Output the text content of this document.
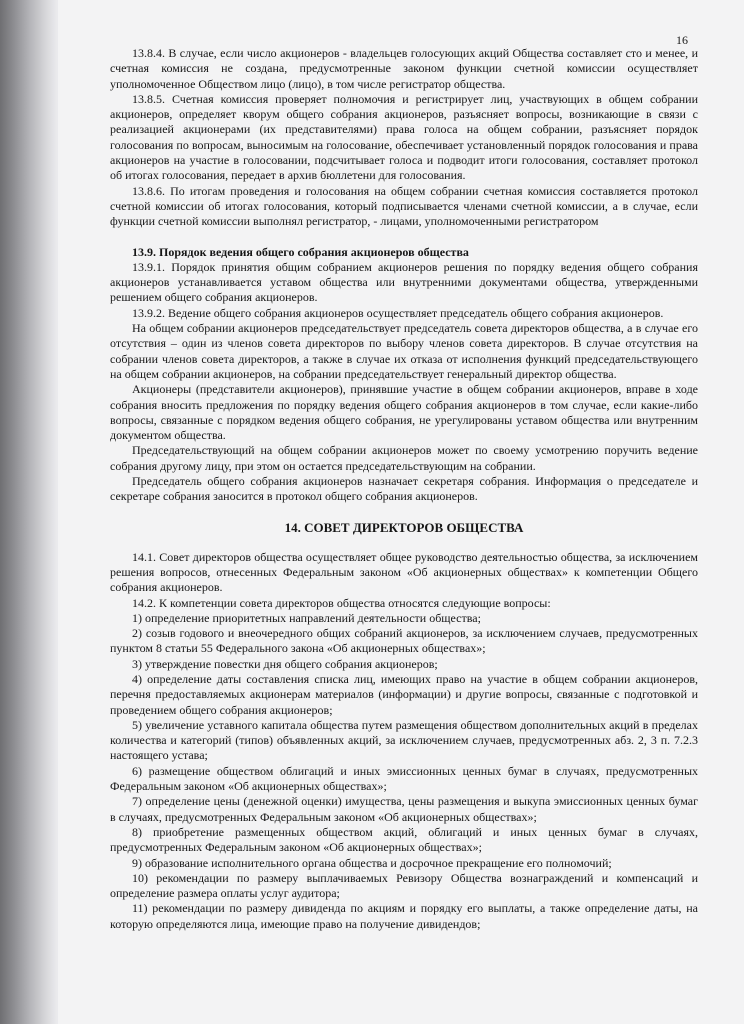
16

13.8.4. В случае, если число акционеров - владельцев голосующих акций Общества составляет сто и менее, и счетная комиссия не создана, предусмотренные законом функции счетной комиссии осуществляет уполномоченное Обществом лицо (лицо), в том числе регистратор общества.

13.8.5. Счетная комиссия проверяет полномочия и регистрирует лиц, участвующих в общем собрании акционеров, определяет кворум общего собрания акционеров, разъясняет вопросы, возникающие в связи с реализацией акционерами (их представителями) права голоса на общем собрании, разъясняет порядок голосования по вопросам, выносимым на голосование, обеспечивает установленный порядок голосования и права акционеров на участие в голосовании, подсчитывает голоса и подводит итоги голосования, составляет протокол об итогах голосования, передает в архив бюллетени для голосования.

13.8.6. По итогам проведения и голосования на общем собрании счетная комиссия составляется протокол счетной комиссии об итогах голосования, который подписывается членами счетной комиссии, а в случае, если функции счетной комиссии выполнял регистратор, - лицами, уполномоченными регистратором

13.9. Порядок ведения общего собрания акционеров общества

13.9.1. Порядок принятия общим собранием акционеров решения по порядку ведения общего собрания акционеров устанавливается уставом общества или внутренними документами общества, утвержденными решением общего собрания акционеров.

13.9.2. Ведение общего собрания акционеров осуществляет председатель общего собрания акционеров.

На общем собрании акционеров председательствует председатель совета директоров общества, а в случае его отсутствия – один из членов совета директоров по выбору членов совета директоров. В случае отсутствия на собрании членов совета директоров, а также в случае их отказа от исполнения функций председательствующего на общем собрании акционеров, на собрании председательствует генеральный директор общества.

Акционеры (представители акционеров), принявшие участие в общем собрании акционеров, вправе в ходе собрания вносить предложения по порядку ведения общего собрания акционеров в том случае, если какие-либо вопросы, связанные с порядком ведения общего собрания, не урегулированы уставом общества или внутренним документом общества.

Председательствующий на общем собрании акционеров может по своему усмотрению поручить ведение собрания другому лицу, при этом он остается председательствующим на собрании.

Председатель общего собрания акционеров назначает секретаря собрания. Информация о председателе и секретаре собрания заносится в протокол общего собрания акционеров.

14. СОВЕТ ДИРЕКТОРОВ ОБЩЕСТВА

14.1. Совет директоров общества осуществляет общее руководство деятельностью общества, за исключением решения вопросов, отнесенных Федеральным законом «Об акционерных обществах» к компетенции Общего собрания акционеров.

14.2. К компетенции совета директоров общества относятся следующие вопросы:

1) определение приоритетных направлений деятельности общества;

2) созыв годового и внеочередного общих собраний акционеров, за исключением случаев, предусмотренных пунктом 8 статьи 55 Федерального закона «Об акционерных обществах»;

3) утверждение повестки дня общего собрания акционеров;

4) определение даты составления списка лиц, имеющих право на участие в общем собрании акционеров, перечня предоставляемых акционерам материалов (информации) и другие вопросы, связанные с подготовкой и проведением общего собрания акционеров;

5) увеличение уставного капитала общества путем размещения обществом дополнительных акций в пределах количества и категорий (типов) объявленных акций, за исключением случаев, предусмотренных абз. 2, 3 п. 7.2.3 настоящего устава;

6) размещение обществом облигаций и иных эмиссионных ценных бумаг в случаях, предусмотренных Федеральным законом «Об акционерных обществах»;

7) определение цены (денежной оценки) имущества, цены размещения и выкупа эмиссионных ценных бумаг в случаях, предусмотренных Федеральным законом «Об акционерных обществах»;

8) приобретение размещенных обществом акций, облигаций и иных ценных бумаг в случаях, предусмотренных Федеральным законом «Об акционерных обществах»;

9) образование исполнительного органа общества и досрочное прекращение его полномочий;

10) рекомендации по размеру выплачиваемых Ревизору Общества вознаграждений и компенсаций и определение размера оплаты услуг аудитора;

11) рекомендации по размеру дивиденда по акциям и порядку его выплаты, а также определение даты, на которую определяются лица, имеющие право на получение дивидендов;
